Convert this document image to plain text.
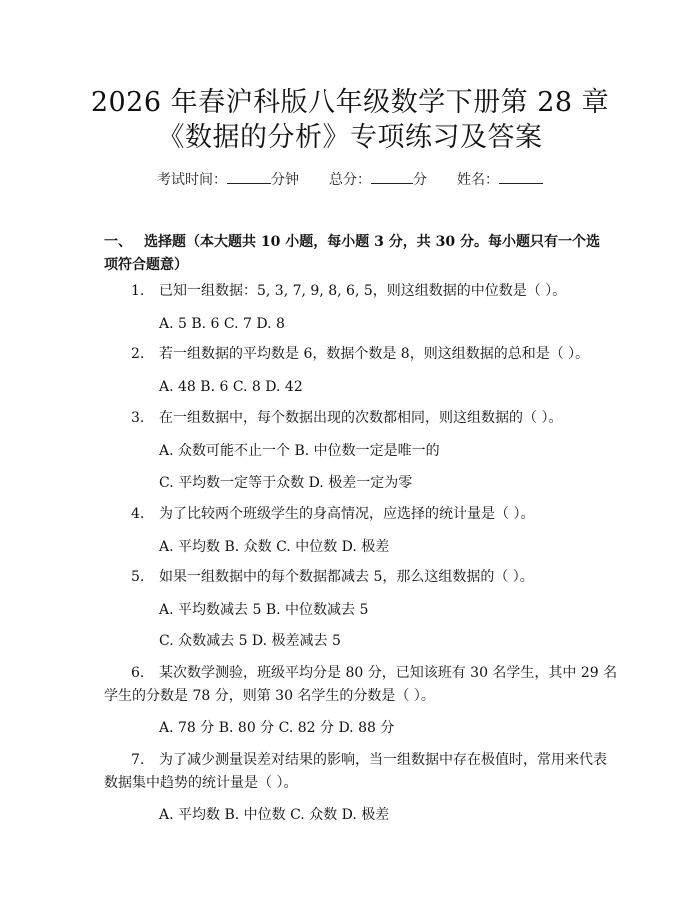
2026 年春沪科版八年级数学下册第 28 章
《数据的分析》专项练习及答案
考试时间：	分钟 总分：	分 姓名：
一、 选择题（本大题共 10 小题，每小题 3 分，共 30 分。每小题只有一个选项符合题意）
1. 已知一组数据：5, 3, 7, 9, 8, 6, 5，则这组数据的中位数是（ ）。
A. 5 B. 6 C. 7 D. 8
2. 若一组数据的平均数是 6，数据个数是 8，则这组数据的总和是（ ）。
A. 48 B. 6 C. 8 D. 42
3. 在一组数据中，每个数据出现的次数都相同，则这组数据的（ ）。
A. 众数可能不止一个 B. 中位数一定是唯一的
C. 平均数一定等于众数 D. 极差一定为零
4. 为了比较两个班级学生的身高情况，应选择的统计量是（ ）。
A. 平均数 B. 众数 C. 中位数 D. 极差
5. 如果一组数据中的每个数据都减去 5，那么这组数据的（ ）。
A. 平均数减去 5 B. 中位数减去 5
C. 众数减去 5 D. 极差减去 5
6. 某次数学测验，班级平均分是 80 分，已知该班有 30 名学生，其中 29 名
学生的分数是 78 分，则第 30 名学生的分数是（ ）。
A. 78 分 B. 80 分 C. 82 分 D. 88 分
7. 为了减少测量误差对结果的影响，当一组数据中存在极值时，常用来代表
数据集中趋势的统计量是（ ）。
A. 平均数 B. 中位数 C. 众数 D. 极差
